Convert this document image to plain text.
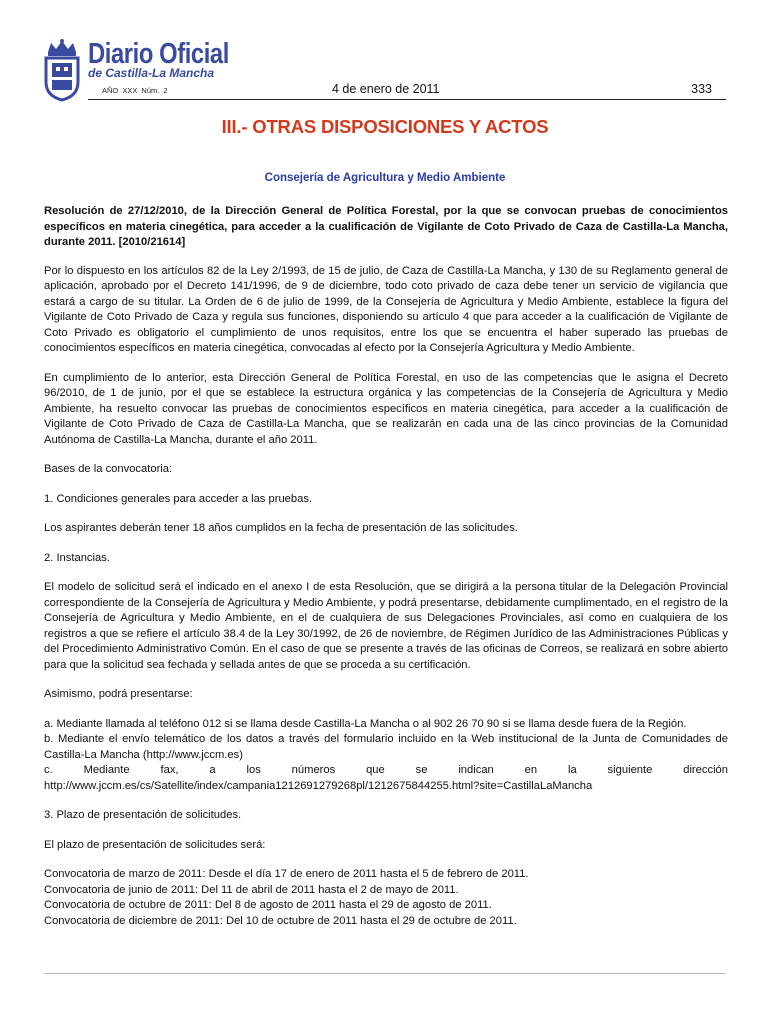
Diario Oficial
de Castilla-La Mancha
AÑO XXX Núm. 2	4 de enero de 2011	333
III.- OTRAS DISPOSICIONES Y ACTOS
Consejería de Agricultura y Medio Ambiente

Resolución de 27/12/2010, de la Dirección General de Política Forestal, por la que se convocan pruebas de conocimientos específicos en materia cinegética, para acceder a la cualificación de Vigilante de Coto Privado de Caza de Castilla-La Mancha, durante 2011. [2010/21614]

Por lo dispuesto en los artículos 82 de la Ley 2/1993, de 15 de julio, de Caza de Castilla-La Mancha, y 130 de su Reglamento general de aplicación, aprobado por el Decreto 141/1996, de 9 de diciembre, todo coto privado de caza debe tener un servicio de vigilancia que estará a cargo de su titular. La Orden de 6 de julio de 1999, de la Consejería de Agricultura y Medio Ambiente, establece la figura del Vigilante de Coto Privado de Caza y regula sus funciones, disponiendo su artículo 4 que para acceder a la cualificación de Vigilante de Coto Privado es obligatorio el cumplimiento de unos requisitos, entre los que se encuentra el haber superado las pruebas de conocimientos específicos en materia cinegética, convocadas al efecto por la Consejería Agricultura y Medio Ambiente.

En cumplimiento de lo anterior, esta Dirección General de Política Forestal, en uso de las competencias que le asigna el Decreto 96/2010, de 1 de junio, por el que se establece la estructura orgánica y las competencias de la Consejería de Agricultura y Medio Ambiente, ha resuelto convocar las pruebas de conocimientos específicos en materia cinegética, para acceder a la cualificación de Vigilante de Coto Privado de Caza de Castilla-La Mancha, que se realizarán en cada una de las cinco provincias de la Comunidad Autónoma de Castilla-La Mancha, durante el año 2011.

Bases de la convocatoria:

1. Condiciones generales para acceder a las pruebas.

Los aspirantes deberán tener 18 años cumplidos en la fecha de presentación de las solicitudes.

2. Instancias.

El modelo de solicitud será el indicado en el anexo I de esta Resolución, que se dirigirá a la persona titular de la Delegación Provincial correspondiente de la Consejería de Agricultura y Medio Ambiente, y podrá presentarse, debidamente cumplimentado, en el registro de la Consejería de Agricultura y Medio Ambiente, en el de cualquiera de sus Delegaciones Provinciales, así como en cualquiera de los registros a que se refiere el artículo 38.4 de la Ley 30/1992, de 26 de noviembre, de Régimen Jurídico de las Administraciones Públicas y del Procedimiento Administrativo Común. En el caso de que se presente a través de las oficinas de Correos, se realizará en sobre abierto para que la solicitud sea fechada y sellada antes de que se proceda a su certificación.

Asimismo, podrá presentarse:

a. Mediante llamada al teléfono 012 si se llama desde Castilla-La Mancha o al 902 26 70 90 si se llama desde fuera de la Región.

b. Mediante el envío telemático de los datos a través del formulario incluido en la Web institucional de la Junta de Comunidades de Castilla-La Mancha (http://www.jccm.es)

c. Mediante fax, a los números que se indican en la siguiente dirección http://www.jccm.es/cs/Satellite/index/campania1212691279268pl/1212675844255.html?site=CastillaLaMancha

3. Plazo de presentación de solicitudes.

El plazo de presentación de solicitudes será:

Convocatoria de marzo de 2011: Desde el día 17 de enero de 2011 hasta el 5 de febrero de 2011.

Convocatoria de junio de 2011: Del 11 de abril de 2011 hasta el 2 de mayo de 2011.

Convocatoria de octubre de 2011: Del 8 de agosto de 2011 hasta el 29 de agosto de 2011.

Convocatoria de diciembre de 2011: Del 10 de octubre de 2011 hasta el 29 de octubre de 2011.
